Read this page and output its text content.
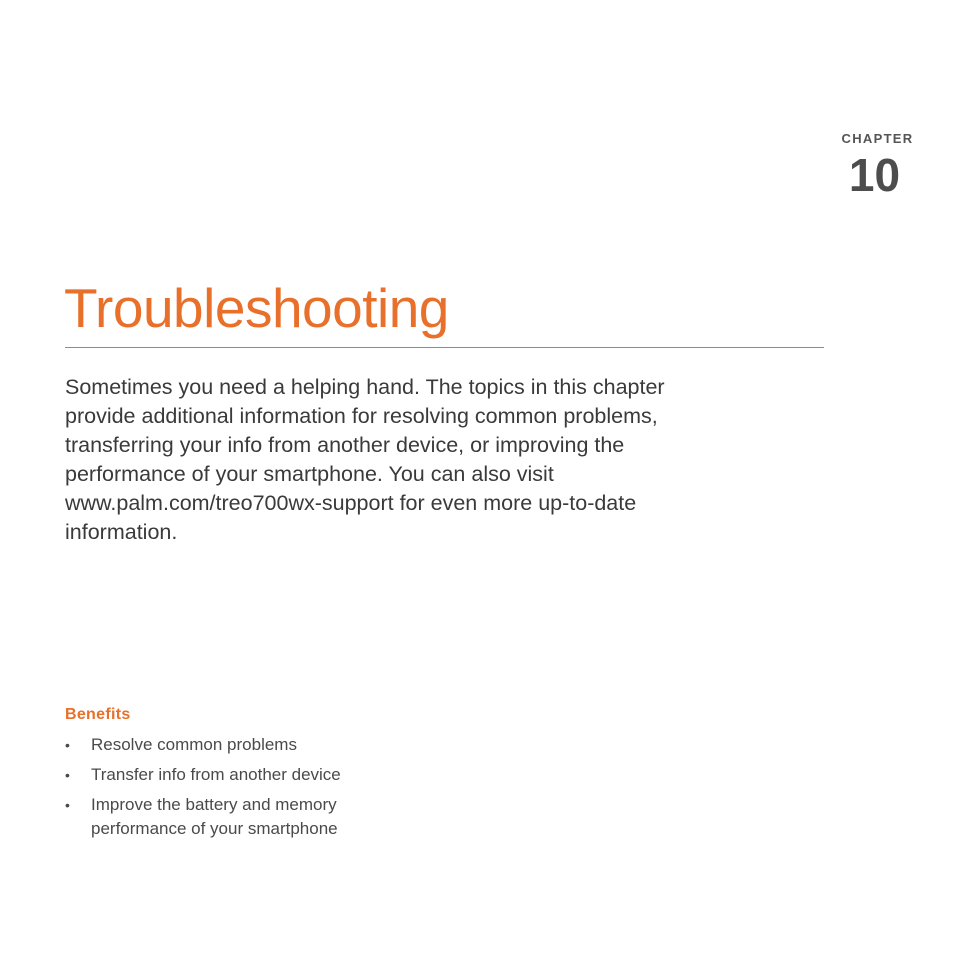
CHAPTER
10
Troubleshooting

Sometimes you need a helping hand. The topics in this chapter
provide additional information for resolving common problems,
transferring your info from another device, or improving the
performance of your smartphone. You can also visit
www.palm.com/treo700wx-support for even more up-to-date
information.

Benefits
• Resolve common problems
• Transfer info from another device
• Improve the battery and memory
performance of your smartphone
